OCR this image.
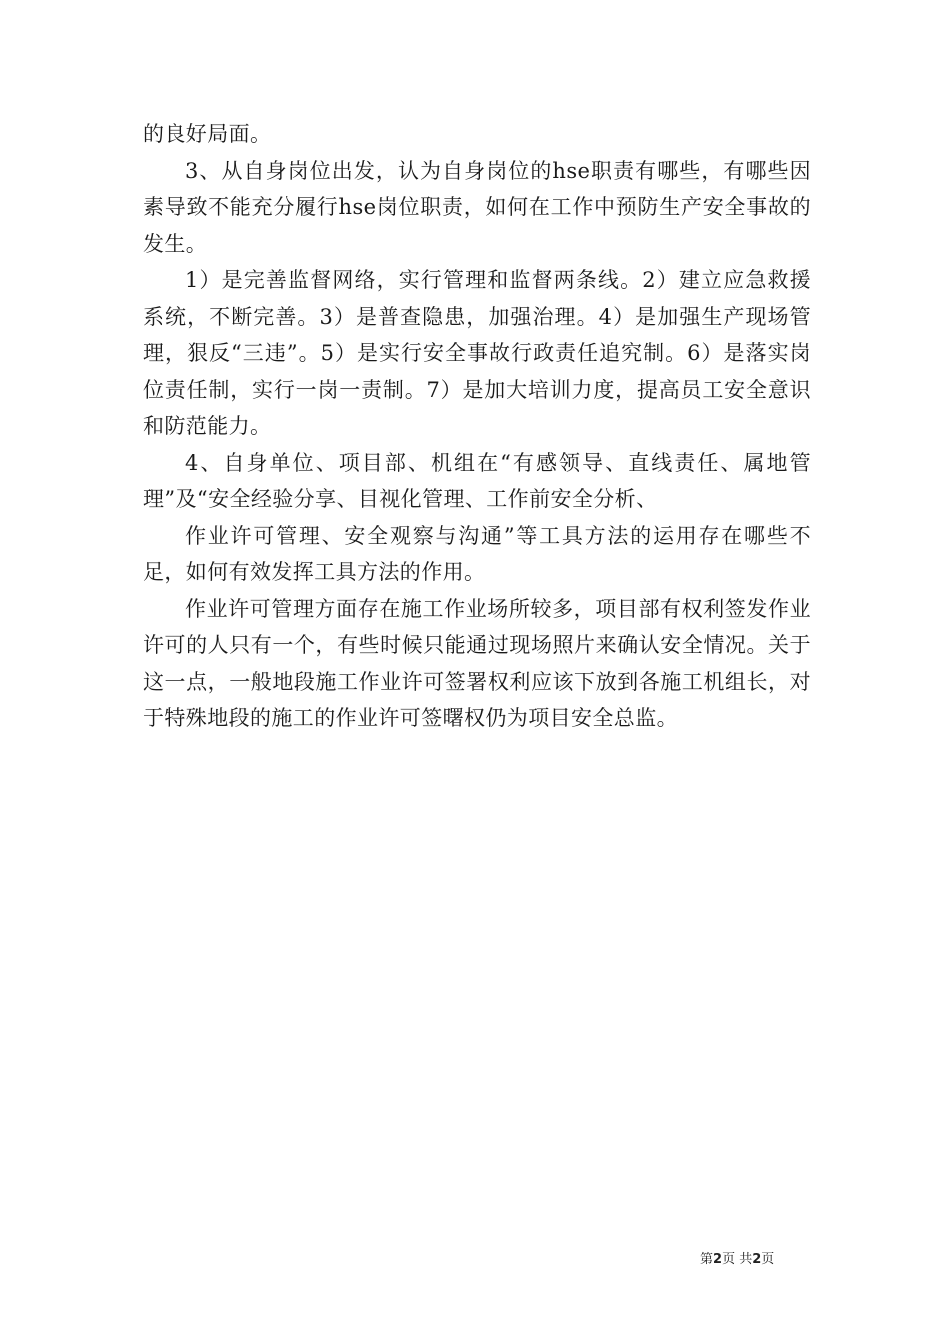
的良好局面。

3、从自身岗位出发，认为自身岗位的hse职责有哪些，有哪些因素导致不能充分履行hse岗位职责，如何在工作中预防生产安全事故的发生。

1）是完善监督网络，实行管理和监督两条线。2）建立应急救援系统，不断完善。3）是普查隐患，加强治理。4）是加强生产现场管理，狠反“三违”。5）是实行安全事故行政责任追究制。6）是落实岗位责任制，实行一岗一责制。7）是加大培训力度，提高员工安全意识和防范能力。

4、自身单位、项目部、机组在“有感领导、直线责任、属地管理”及“安全经验分享、目视化管理、工作前安全分析、

作业许可管理、安全观察与沟通”等工具方法的运用存在哪些不足，如何有效发挥工具方法的作用。

作业许可管理方面存在施工作业场所较多，项目部有权利签发作业许可的人只有一个，有些时候只能通过现场照片来确认安全情况。关于这一点，一般地段施工作业许可签署权利应该下放到各施工机组长，对于特殊地段的施工的作业许可签曙权仍为项目安全总监。

第2页 共2页
